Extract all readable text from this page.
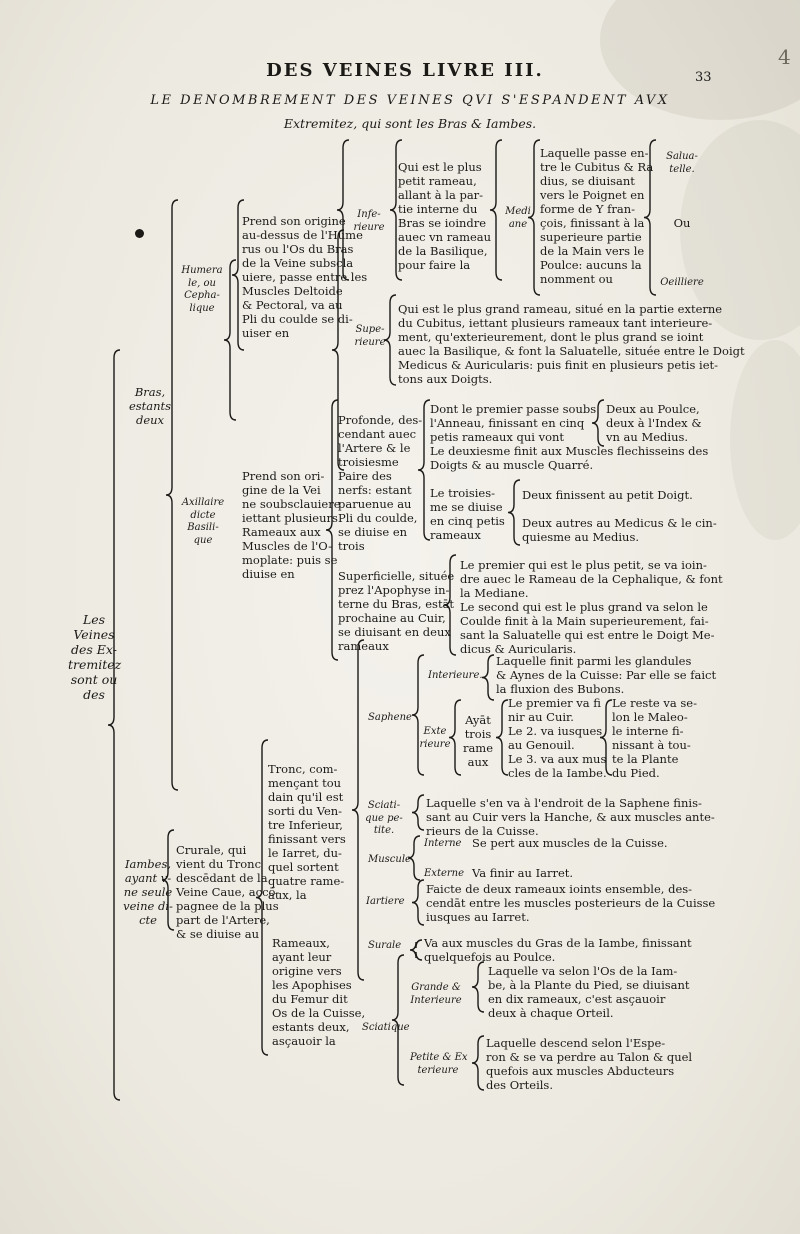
DES VEINES LIVRE III.	33
4
LE DENOMBREMENT DES VEINES QVI S'ESPANDENT AVX
Extremitez, qui sont les Bras & Iambes.
Les
Veines
des Ex-
tremitez
sont ou
des
Bras,
estants
deux
Humera
le, ou
Cepha-
lique
Prend son origine
au-dessus de l'Hume
rus ou l'Os du Bras
de la Veine subscla
uiere, passe entre les
Muscles Deltoide
& Pectoral, va au
Pli du coulde se di-
uiser en
Infe-
rieure
Qui est le plus
petit rameau,
allant à la par-
tie interne du
Bras se ioindre
auec vn rameau
de la Basilique,
pour faire la
Medi
ane
Laquelle passe en-
tre le Cubitus & Ra
dius, se diuisant
vers le Poignet en
forme de Y fran-
çois, finissant à la
superieure partie
de la Main vers le
Poulce: aucuns la
nomment ou
Salua-
telle.
Ou
Oeilliere
Supe-
rieure
Qui est le plus grand rameau, situé en la partie externe
du Cubitus, iettant plusieurs rameaux tant interieure-
ment, qu'exterieurement, dont le plus grand se ioint
auec la Basilique, & font la Saluatelle, située entre le Doigt
Medicus & Auricularis: puis finit en plusieurs petis iet-
tons aux Doigts.
Axillaire
dicte
Basili-
que
Prend son ori-
gine de la Vei
ne soubsclauiere
iettant plusieurs
Rameaux aux
Muscles de l'O-
moplate: puis se
diuise en
Profonde, des-
cendant auec
l'Artere & le
troisiesme
Paire des
nerfs: estant
paruenue au
Pli du coulde,
se diuise en
trois
Dont le premier passe soubs
l'Anneau, finissant en cinq
petis rameaux qui vont
Deux au Poulce,
deux à l'Index &
vn au Medius.
Le deuxiesme finit aux Muscles flechisseins des
Doigts & au muscle Quarré.
Le troisies-
me se diuise
en cinq petis
rameaux
Deux finissent au petit Doigt.
Deux autres au Medicus & le cin-
quiesme au Medius.
Superficielle, située
prez l'Apophyse in-
terne du Bras, estāt
prochaine au Cuir,
se diuisant en deux
rameaux
Le premier qui est le plus petit, se va ioin-
dre auec le Rameau de la Cephalique, & font
la Mediane.
Le second qui est le plus grand va selon le
Coulde finit à la Main superieurement, fai-
sant la Saluatelle qui est entre le Doigt Me-
dicus & Auricularis.
Iambes,
ayant v-
ne seule
veine di-
cte
Crurale, qui
vient du Tronc
descēdant de la
Veine Caue, accō-
pagnee de la plus
part de l'Artere,
& se diuise au
Tronc, com-
mençant tou
dain qu'il est
sorti du Ven-
tre Inferieur,
finissant vers
le Iarret, du-
quel sortent
quatre rame-
aux, la
Saphene
Interieure.
Laquelle finit parmi les glandules
& Aynes de la Cuisse: Par elle se faict
la fluxion des Bubons.
Exte
rieure
Ayāt
trois
rame
aux
Le premier va fi
nir au Cuir.
Le 2. va iusques
au Genouil.
Le 3. va aux mus
cles de la Iambe.
Le reste va se-
lon le Maleo-
le interne fi-
nissant à tou-
te la Plante
du Pied.
Sciati-
que pe-
tite.
Laquelle s'en va à l'endroit de la Saphene finis-
sant au Cuir vers la Hanche, & aux muscles ante-
rieurs de la Cuisse.
Muscule
Interne Se pert aux muscles de la Cuisse.
Externe Va finir au Iarret.
Iartiere
Faicte de deux rameaux ioints ensemble, des-
cendāt entre les muscles posterieurs de la Cuisse
iusques au Iarret.
Rameaux,
ayant leur
origine vers
les Apophises
du Femur dit
Os de la Cuisse,
estants deux,
asçauoir la
Surale Va aux muscles du Gras de la Iambe, finissant
quelquefois au Poulce.
Sciatique
Grande &
Interieure
Laquelle va selon l'Os de la Iam-
be, à la Plante du Pied, se diuisant
en dix rameaux, c'est asçauoir
deux à chaque Orteil.
Petite & Ex
terieure
Laquelle descend selon l'Espe-
ron & se va perdre au Talon & quel
quefois aux muscles Abducteurs
des Orteils.
